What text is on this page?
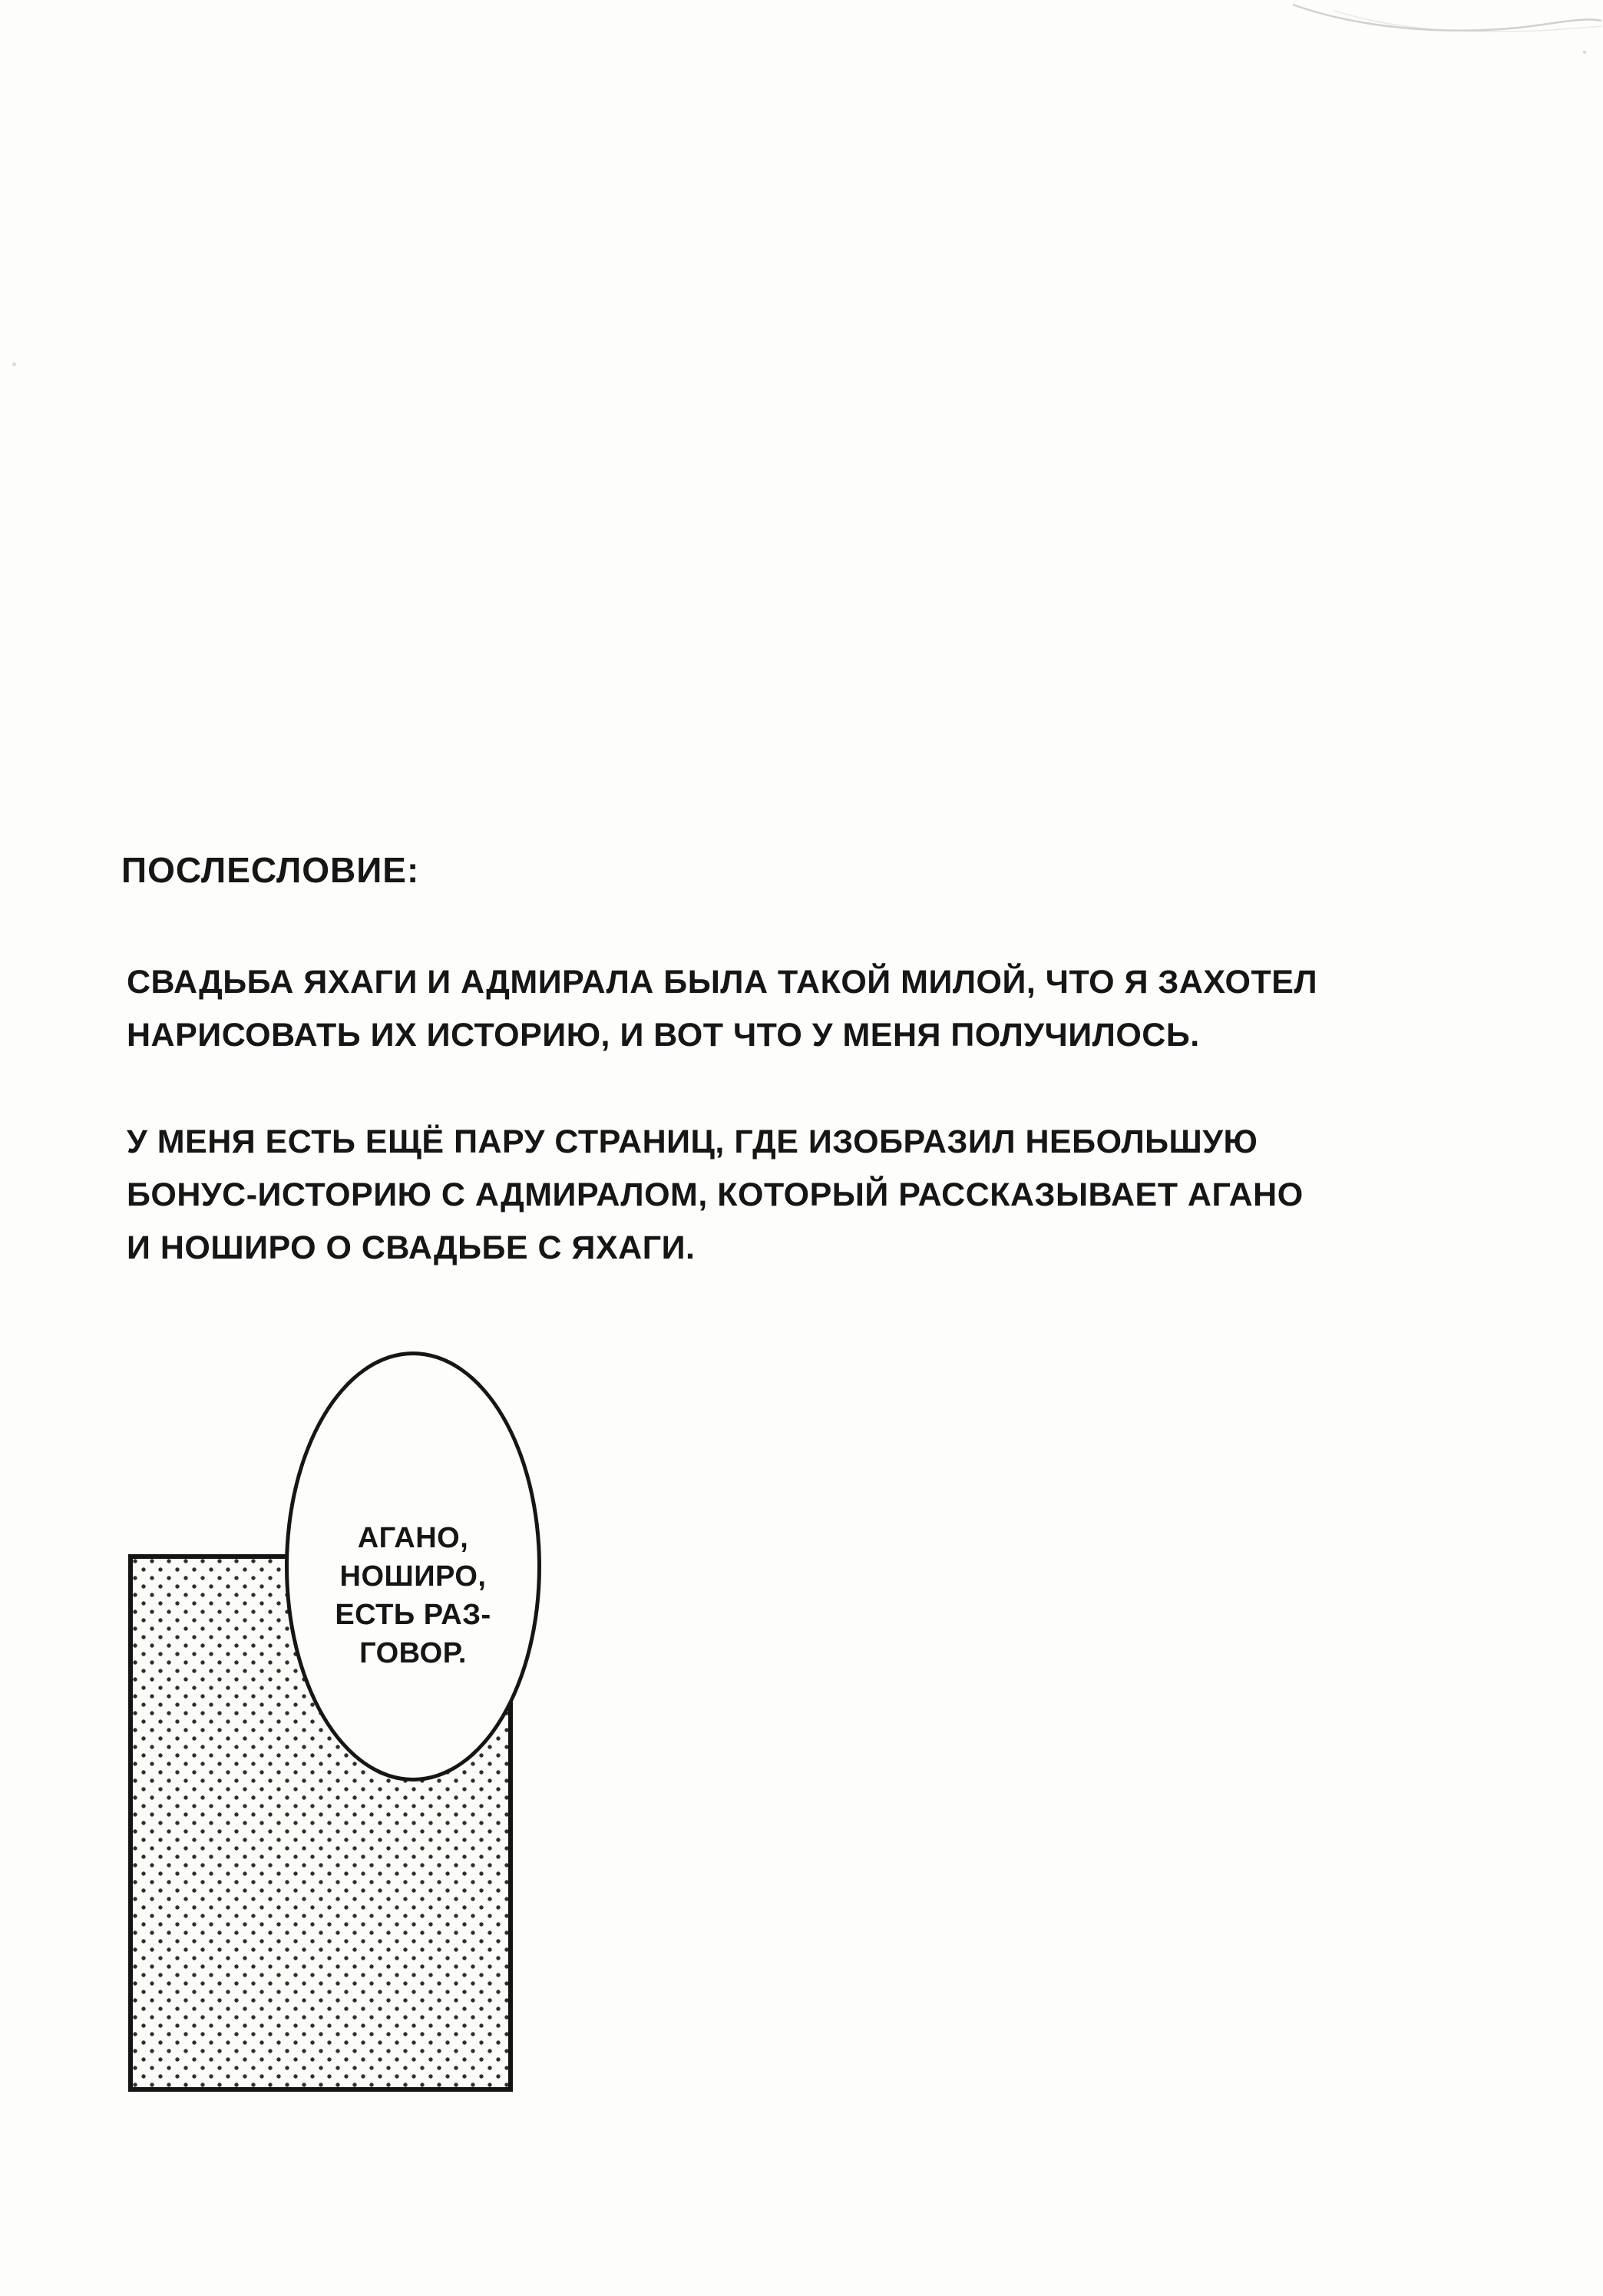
ПОСЛЕСЛОВИЕ:
СВАДЬБА ЯХАГИ И АДМИРАЛА БЫЛА ТАКОЙ МИЛОЙ, ЧТО Я ЗАХОТЕЛ
НАРИСОВАТЬ ИХ ИСТОРИЮ, И ВОТ ЧТО У МЕНЯ ПОЛУЧИЛОСЬ.
У МЕНЯ ЕСТЬ ЕЩЁ ПАРУ СТРАНИЦ, ГДЕ ИЗОБРАЗИЛ НЕБОЛЬШУЮ
БОНУС-ИСТОРИЮ С АДМИРАЛОМ, КОТОРЫЙ РАССКАЗЫВАЕТ АГАНО
И НОШИРО О СВАДЬБЕ С ЯХАГИ.
АГАНО,
НОШИРО,
ЕСТЬ РАЗ-
ГОВОР.
